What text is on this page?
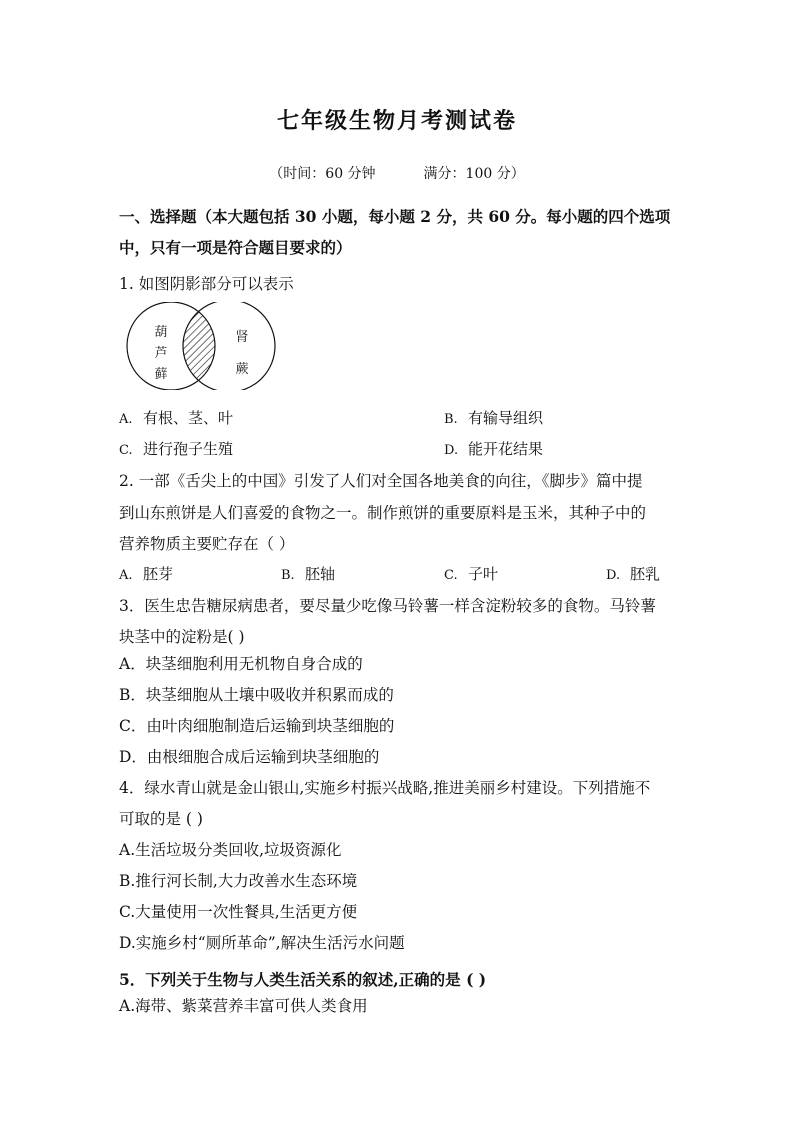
七年级生物月考测试卷
（时间：60 分钟	满分：100 分）
一、选择题（本大题包括 30 小题，每小题 2 分，共 60 分。每小题的四个选项
中，只有一项是符合题目要求的）
1. 如图阴影部分可以表示
葫
芦
藓
肾
蕨
A. 有根、茎、叶	B. 有输导组织
C. 进行孢子生殖	D. 能开花结果
2. 一部《舌尖上的中国》引发了人们对全国各地美食的向往，《脚步》篇中提
到山东煎饼是人们喜爱的食物之一。制作煎饼的重要原料是玉米，其种子中的
营养物质主要贮存在（ ）
A. 胚芽	B. 胚轴	C. 子叶	D. 胚乳
3．医生忠告糖尿病患者，要尽量少吃像马铃薯一样含淀粉较多的食物。马铃薯
块茎中的淀粉是( )
A．块茎细胞利用无机物自身合成的
B．块茎细胞从土壤中吸收并积累而成的
C．由叶肉细胞制造后运输到块茎细胞的
D．由根细胞合成后运输到块茎细胞的
4．绿水青山就是金山银山,实施乡村振兴战略,推进美丽乡村建设。下列措施不
可取的是 ( )
A.生活垃圾分类回收,垃圾资源化
B.推行河长制,大力改善水生态环境
C.大量使用一次性餐具,生活更方便
D.实施乡村“厕所革命”,解决生活污水问题
5．下列关于生物与人类生活关系的叙述,正确的是 ( )
A.海带、紫菜营养丰富可供人类食用
